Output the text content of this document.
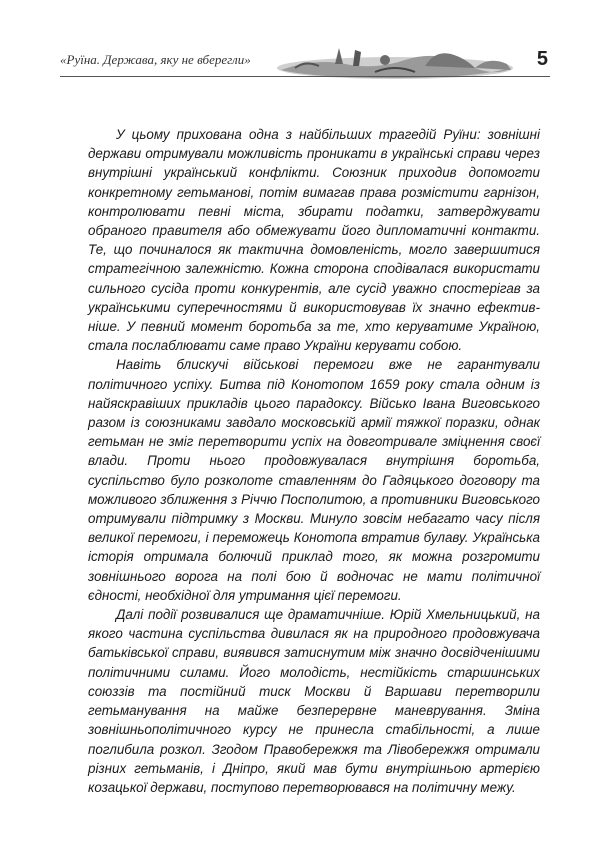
«Руїна. Держава, яку не вберегли»	5

У цьому прихована одна з найбільших трагедій Руїни: зовнішні держави отримували можливість проникати в українські справи через внутрішні український конфлікти. Союзник приходив допомогти конкретному гетьманові, потім вимагав права розмістити гарнізон, контролювати певні міста, збирати податки, затверджувати обраного правителя або обмежувати його дипломатичні контакти. Те, що починалося як тактична домовленість, могло завершитися стратегічною залежністю. Кожна сторона сподівалася використати сильного сусіда проти конкурентів, але сусід уважно спостерігав за українськими суперечностями й використовував їх значно ефективніше. У певний момент боротьба за те, хто керуватиме Україною, стала послаблювати саме право України керувати собою.

Навіть блискучі військові перемоги вже не гарантували політичного успіху. Битва під Конотопом 1659 року стала одним із найяскравіших прикладів цього парадоксу. Військо Івана Виговського разом із союзниками завдало московській армії тяжкої поразки, однак гетьман не зміг перетворити успіх на довготривале зміцнення своєї влади. Проти нього продовжувалася внутрішня боротьба, суспільство було розколоте ставленням до Гадяцького договору та можливого зближення з Річчю Посполитою, а противники Виговського отримували підтримку з Москви. Минуло зовсім небагато часу після великої перемоги, і переможець Конотопа втратив булаву. Українська історія отримала болючий приклад того, як можна розгромити зовнішнього ворога на полі бою й водночас не мати політичної єдності, необхідної для утримання цієї перемоги.

Далі події розвивалися ще драматичніше. Юрій Хмельницький, на якого частина суспільства дивилася як на природного продовжувача батьківської справи, виявився затиснутим між значно досвідченішими політичними силами. Його молодість, нестійкість старшинських союззів та постійний тиск Москви й Варшави перетворили гетьманування на майже безперервне маневрування. Зміна зовнішньополітичного курсу не принесла стабільності, а лише поглибила розкол. Згодом Правобережжя та Лівобережжя отримали різних гетьманів, і Дніпро, який мав бути внутрішньою артерією козацької держави, поступово перетворювався на політичну межу.
